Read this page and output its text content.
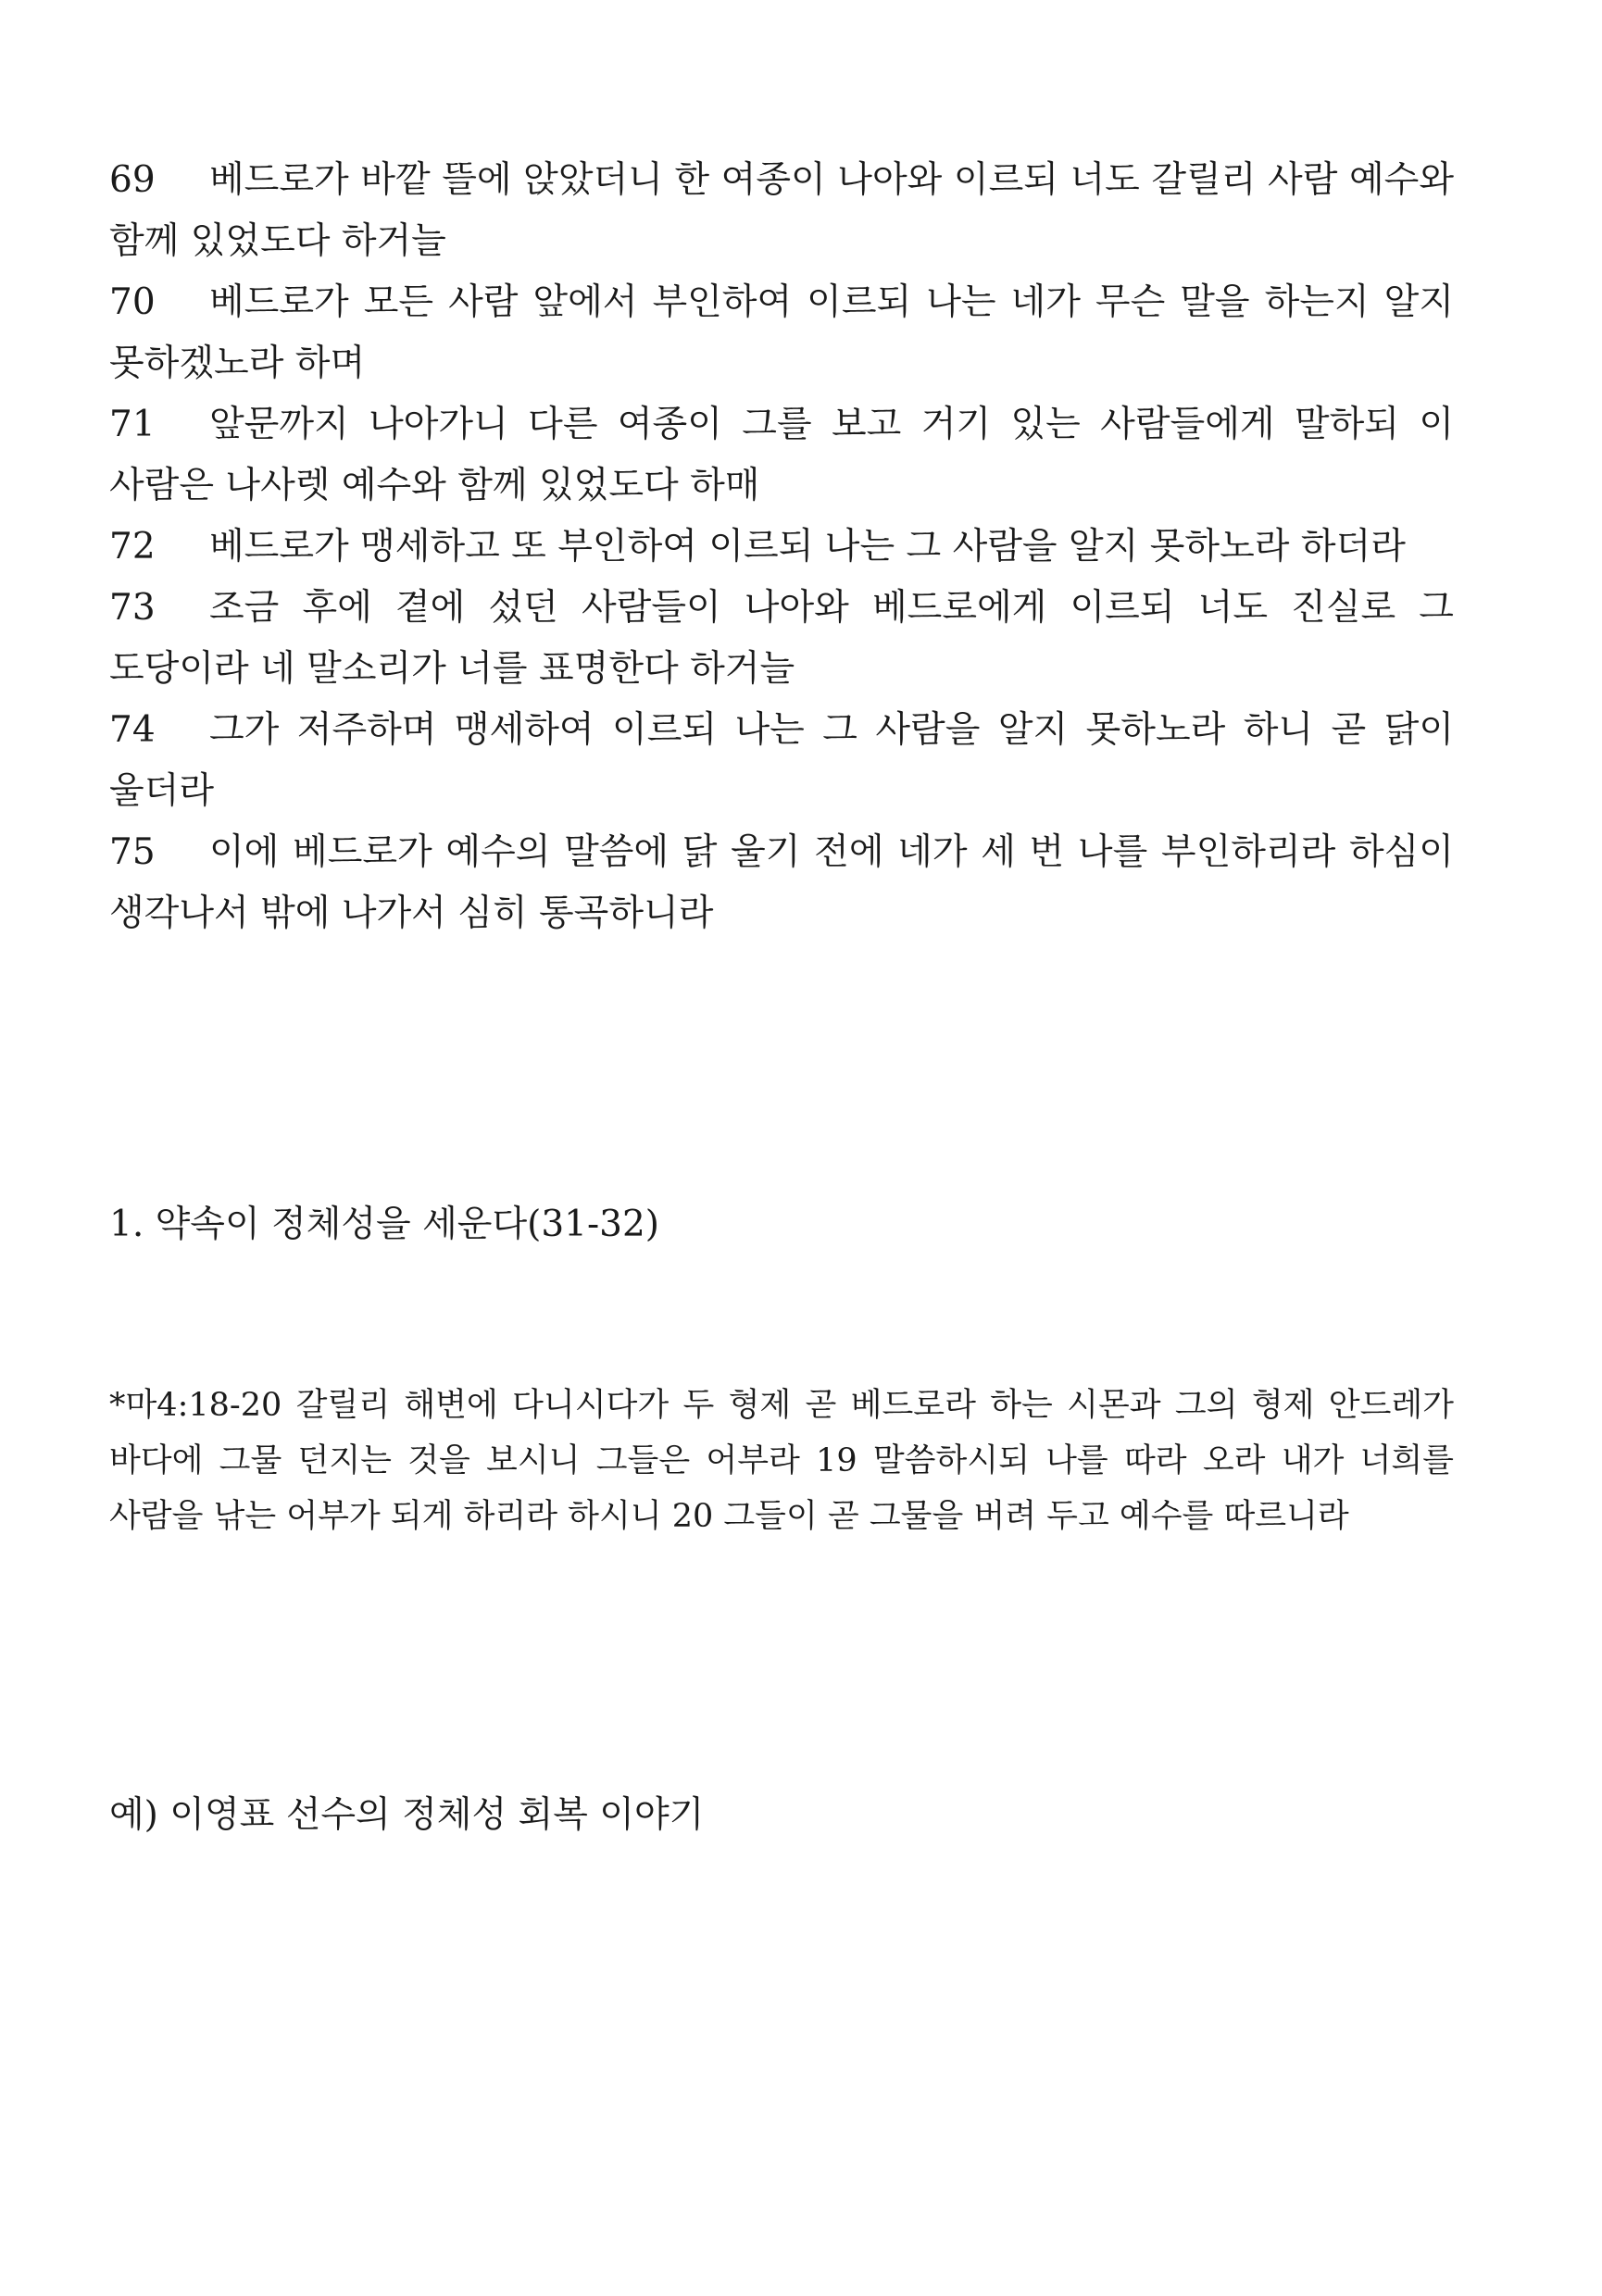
69 베드로가 바깥 뜰에 앉았더니 한 여종이 나아와 이르되 너도 갈릴리 사람 예수와 함께 있었도다 하거늘
70 베드로가 모든 사람 앞에서 부인하여 이르되 나는 네가 무슨 말을 하는지 알지 못하겠노라 하며
71 앞문까지 나아가니 다른 여종이 그를 보고 거기 있는 사람들에게 말하되 이 사람은 나사렛 예수와 함께 있었도다 하매
72 베드로가 맹세하고 또 부인하여 이르되 나는 그 사람을 알지 못하노라 하더라
73 조금 후에 곁에 섰던 사람들이 나아와 베드로에게 이르되 너도 진실로 그 도당이라 네 말소리가 너를 표명한다 하거늘
74 그가 저주하며 맹세하여 이르되 나는 그 사람을 알지 못하노라 하니 곧 닭이 울더라
75 이에 베드로가 예수의 말씀에 닭 울기 전에 네가 세 번 나를 부인하리라 하심이 생각나서 밖에 나가서 심히 통곡하니라
1. 약속이 정체성을 세운다(31-32)
*마4:18-20 갈릴리 해변에 다니시다가 두 형제 곧 베드로라 하는 시몬과 그의 형제 안드레가 바다에 그물 던지는 것을 보시니 그들은 어부라 19 말씀하시되 나를 따라 오라 내가 너희를 사람을 낚는 어부가 되게 하리라 하시니 20 그들이 곧 그물을 버려 두고 예수를 따르니라
예) 이영표 선수의 정체성 회복 이야기
